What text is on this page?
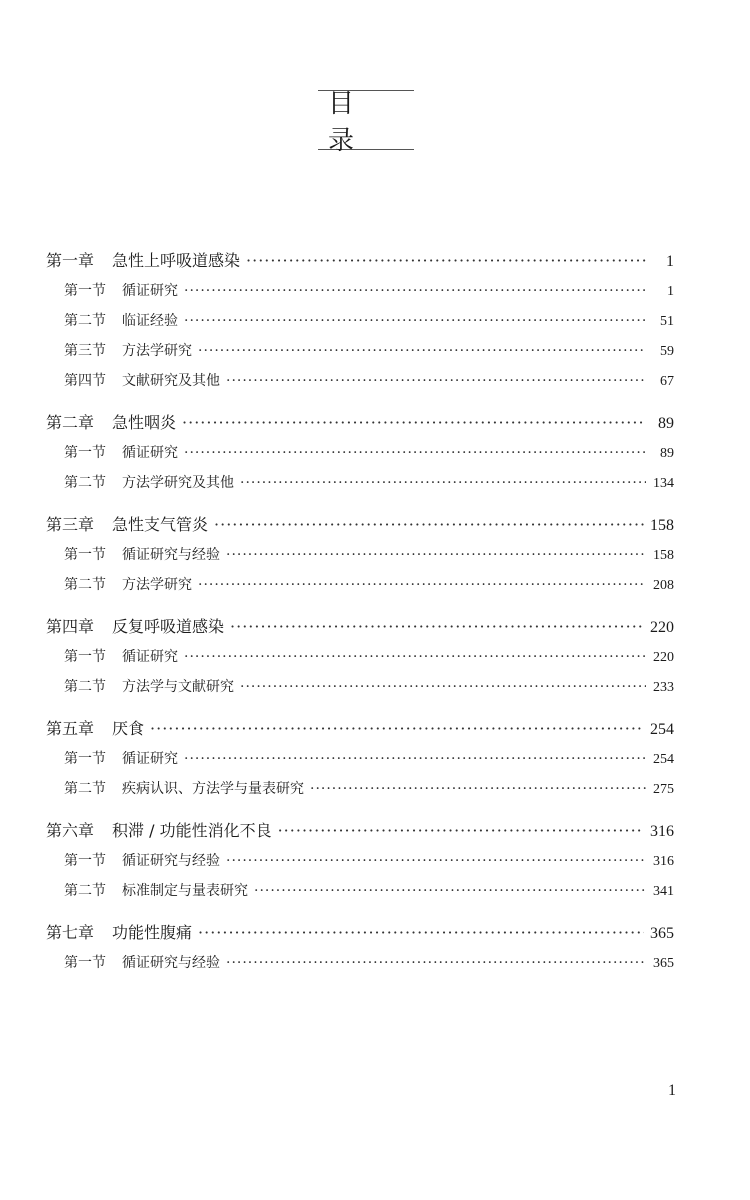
目　录
第一章 急性上呼吸道感染 ·····	1
第一节 循证研究 ·····	1
第二节 临证经验 ·····	51
第三节 方法学研究 ·····	59
第四节 文献研究及其他 ·····	67
第二章 急性咽炎 ·····	89
第一节 循证研究 ·····	89
第二节 方法学研究及其他 ·····	134
第三章 急性支气管炎 ·····	158
第一节 循证研究与经验 ·····	158
第二节 方法学研究 ·····	208
第四章 反复呼吸道感染 ·····	220
第一节 循证研究 ·····	220
第二节 方法学与文献研究 ·····	233
第五章 厌食 ·····	254
第一节 循证研究 ·····	254
第二节 疾病认识、方法学与量表研究 ·····	275
第六章 积滞 / 功能性消化不良 ·····	316
第一节 循证研究与经验 ·····	316
第二节 标准制定与量表研究 ·····	341
第七章 功能性腹痛 ·····	365
第一节 循证研究与经验 ·····	365
1
